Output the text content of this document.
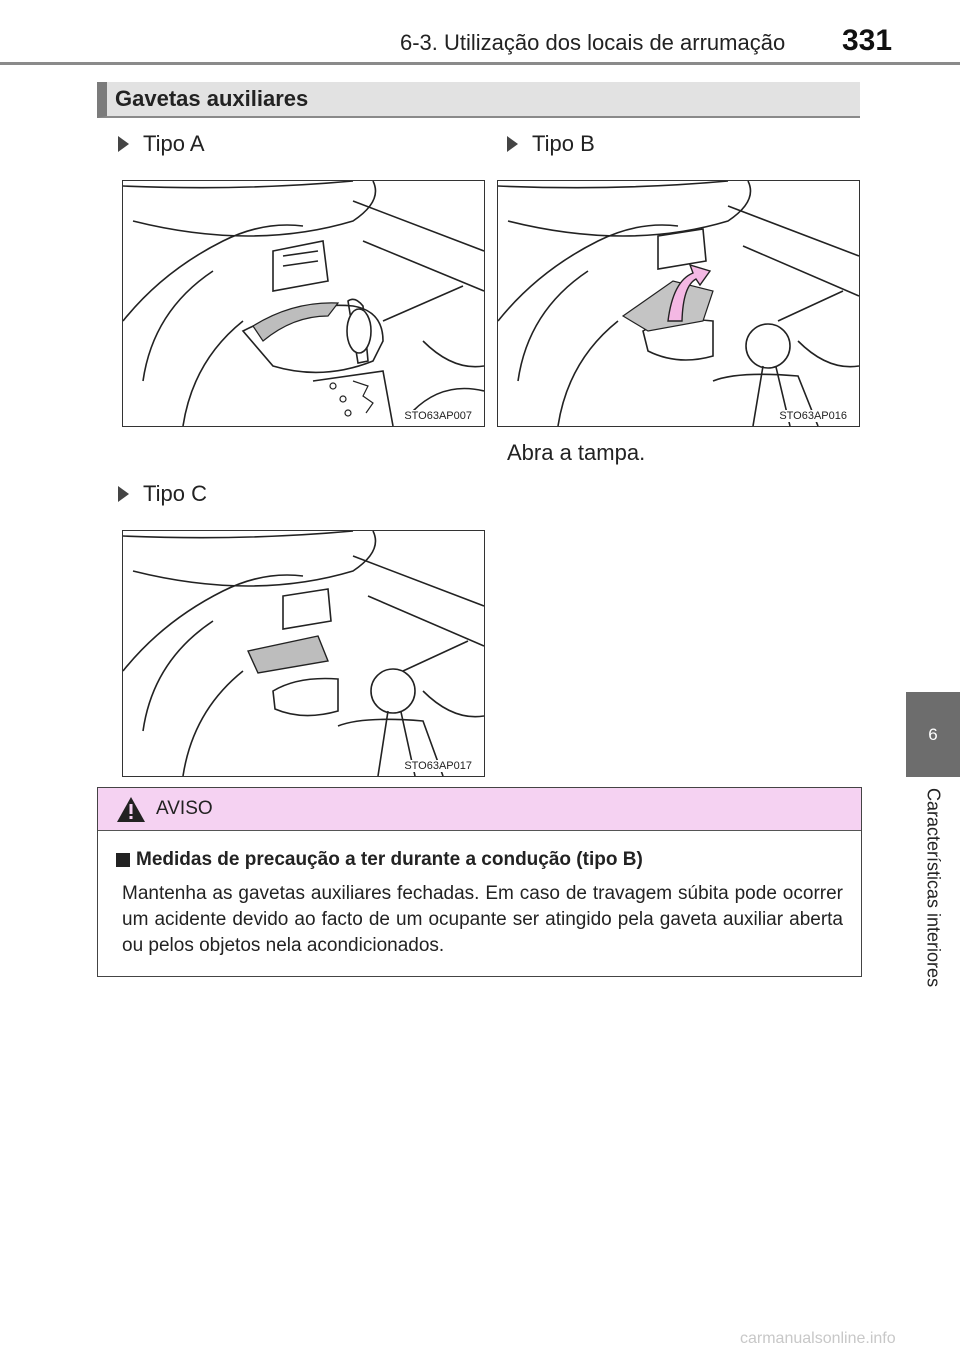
6-3. Utilização dos locais de arrumação 331
6
Características interiores
Gavetas auxiliares
Tipo A	Tipo B
STO63AP007	STO63AP016
Abra a tampa.
Tipo C
STO63AP017
AVISO
Medidas de precaução a ter durante a condução (tipo B)
Mantenha as gavetas auxiliares fechadas. Em caso de travagem súbita pode ocorrer um acidente devido ao facto de um ocupante ser atingido pela gaveta auxiliar aberta ou pelos objetos nela acondicionados.
carmanualsonline.info
